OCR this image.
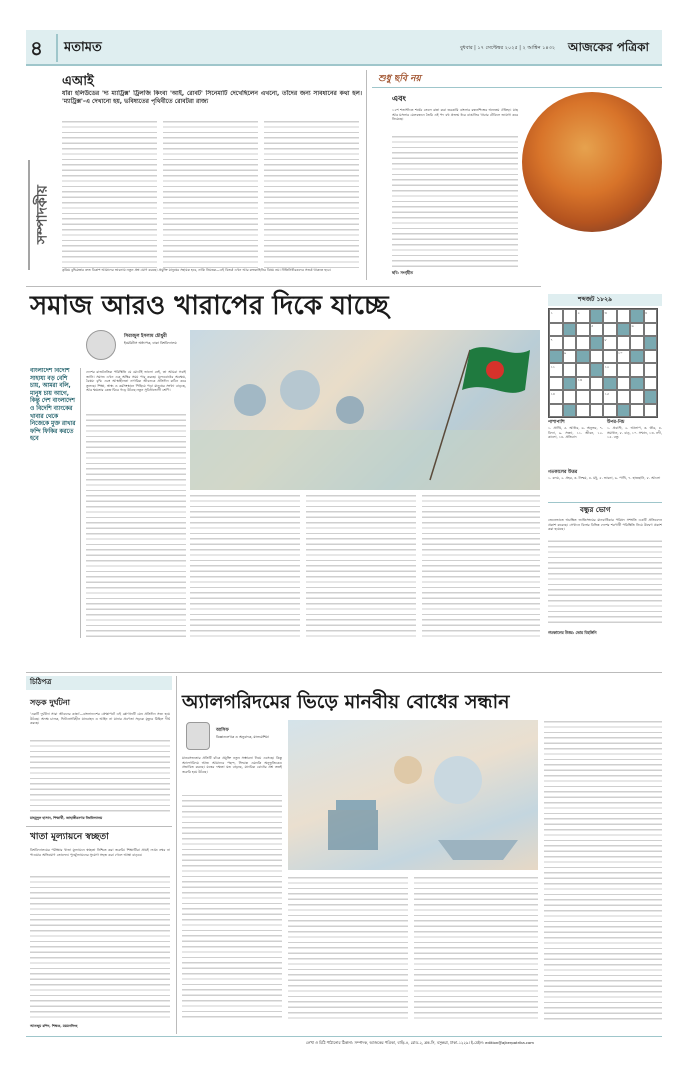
৪ মতামত	বুধবার | ১৭ সেপ্টেম্বর ২০২৫ | ২ আশ্বিন ১৪৩২ আজকের পত্রিকা
সম্পাদকীয়
এআই
যাঁরা হলিউডের 'দ্য ম্যাট্রিক্স' ট্রিলজি কিংবা 'আই, রোবট' সিনেমাটি দেখেছিলেন এখনো, তাঁদের জন্য সাবধানের কথা হল। 'ম্যাট্রিক্স'-এ দেখানো হয়, ভবিষ্যতের পৃথিবীতে রোবটরা রাজ্য
কৃত্রিম বুদ্ধিমত্তার দ্রুত বিকাশ আমাদের ভাবনায় নতুন প্রশ্ন যোগ করছে। প্রযুক্তি মানুষের সহায়ক হবে, নাকি নিয়ন্ত্রক—এই বিতর্ক এখন আর কল্পকাহিনির বিষয় নয়। নীতিনির্ধারকদের সতর্ক থাকতে হবে।
শুধু ছবি নয়
এবং
১২শ শতাব্দীতে শর্ষের তেলে রান্না করা তরকারি বাংলার রন্ধনশিল্পের অন্যতম ঐতিহ্য। মাছ আর মসলার মেলবন্ধনে তৈরি এই পদ বহু প্রজন্ম ধরে বাঙালির খাবার টেবিলে জায়গা করে নিয়েছে।
ছবি: সংগৃহীত
শব্দজট ১৮২৯
১	২	৩	৪
৫	৬
৭	৮
৯	১০
১১	১২
১৩
১৪	১৫
পাশাপাশি
১. প্রাপ্তি, ৫. আধার, ৬. অনুভব, ৭. বিদ্যা, ৯. সন্ধ্যা, ১১. জীবন, ১২. কালো, ১৪. প্রতিবাদ
উপর-নিচ
১. প্রবাসী, ২. আলাপ, ৩. তীর, ৪. সমাধান, ৮. ঝড়, ১০. সম্মান, ১৩. নদী, ১৫. বন্ধু
গতকালের উত্তর
১. কদম, ২. প্রহর, ৩. নিশ্চয়, ৪. মধু, ৫. ভাবনা, ৬. পাখি, ৭. হাতছানি, ৮. আলো
বন্ধুর ভোগ
জেনেভাতে অবস্থিত জাতিসংঘের মানবাধিকার পরিষদ সম্প্রতি একটি প্রতিবেদন প্রকাশ করেছে। সেখানে বিশ্বের বিভিন্ন দেশের শরণার্থী পরিস্থিতি নিয়ে উদ্বেগ প্রকাশ করা হয়েছে।
গতকালের উত্তর: ভোর বিহঙ্গিনি
সমাজ আরও খারাপের দিকে যাচ্ছে
সিরাজুল ইসলাম চৌধুরী
ইমেরিটাস অধ্যাপক, ঢাকা বিশ্ববিদ্যালয়
বাংলাদেশ বিদেশি সাহায্য বড় বেশি চায়, আমরা বলি, মানুষ চায় আগে, কিন্তু দেশ বাংলাদেশ ও বিদেশি ব্যাংকের খাবার থেকে নিজেকে মুক্ত রাখার ফন্দি ফিকির করতে হবে
দেশের রাজনৈতিক পরিস্থিতি যে মোটেই ভালো নেই, তা আমরা সবাই জানি। সমাজ এখন এক অস্থির সময় পার করছে। মূল্যবোধের অবক্ষয়, বৈষম্য বৃদ্ধি এবং আস্থাহীনতা নাগরিক জীবনকে প্রতিদিন কঠিন করে তুলছে। শিক্ষা, স্বাস্থ্য ও কর্মসংস্থানে পিছিয়ে পড়া মানুষের সংখ্যা বাড়ছে, আর ক্ষমতার কেন্দ্র ঘিরে গড়ে উঠছে নতুন সুবিধাভোগী শ্রেণি।
চিঠিপত্র
সড়ক দুর্ঘটনা
'একটি দুর্ঘটনা সারা জীবনের কান্না'—বাংলাদেশের প্রেক্ষাপটে এই স্লোগানটি যেন প্রতিদিন সত্য হয়ে উঠছে। অদক্ষ চালক, ফিটনেসবিহীন যানবাহন ও আইন না মানার প্রবণতা সড়কে মৃত্যুর মিছিল দীর্ঘ করছে।
মাহমুদুল হাসান, শিক্ষার্থী, জাহাঙ্গীরনগর বিশ্ববিদ্যালয়
খাতা মূল্যায়নে স্বচ্ছতা
বিশ্ববিদ্যালয়ের পরীক্ষার খাতা মূল্যায়নে স্বচ্ছতা নিশ্চিত করা জরুরি। শিক্ষার্থীরা প্রায়ই ন্যায্য নম্বর না পাওয়ার অভিযোগ তোলেন। পুনর্মূল্যায়নের সুযোগ সহজ করা গেলে আস্থা বাড়বে।
আনজুম রশিদ, শিক্ষক, ময়মনসিংহ
অ্যালগরিদমের ভিড়ে মানবীয় বোধের সন্ধান
আসিফ
বিজ্ঞানলেখক ও অনুবাদক, মালয়েশিয়া
মানবসভ্যতার প্রতিটি বাঁকে প্রযুক্তি নতুন সম্ভাবনা নিয়ে এসেছে। কিন্তু অ্যালগরিদম আজ আমাদের পছন্দ, সিদ্ধান্ত এমনকি অনুভূতিকেও প্রভাবিত করছে। যন্ত্রের দক্ষতা যত বাড়ছে, মানবিক বোধের প্রশ্ন ততই জরুরি হয়ে উঠছে।
লেখা ও চিঠি পাঠানোর ঠিকানা: সম্পাদক, আজকের পত্রিকা, বাড়ি-৪, রোড-২, ব্লক-সি, বসুন্ধরা, ঢাকা-১২২৯। ই-মেইল: edition@ajkerpatrika.com
